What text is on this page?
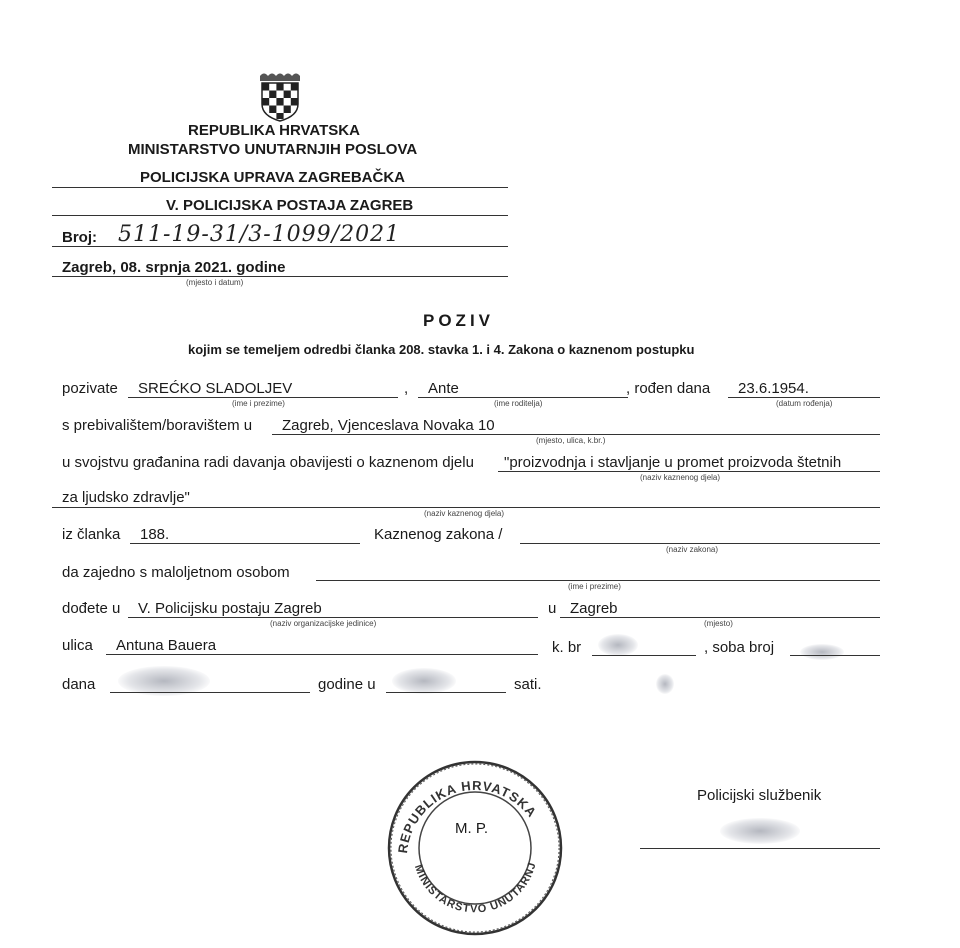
REPUBLIKA HRVATSKA
MINISTARSTVO UNUTARNJIH POSLOVA
POLICIJSKA UPRAVA ZAGREBAČKA
V. POLICIJSKA POSTAJA ZAGREB
Broj: 511-19-31/3-1099/2021
Zagreb, 08. srpnja 2021. godine
(mjesto i datum)
POZIV
kojim se temeljem odredbi članka 208. stavka 1. i 4. Zakona o kaznenom postupku
pozivate SREĆKO SLADOLJEV
(ime i prezime)
, Ante
(ime roditelja)
, rođen dana 23.6.1954.
(datum rođenja)
s prebivalištem/boravištem u Zagreb, Vjenceslava Novaka 10
(mjesto, ulica, k.br.)
u svojstvu građanina radi davanja obavijesti o kaznenom djelu "proizvodnja i stavljanje u promet proizvoda štetnih
(naziv kaznenog djela)
za ljudsko zdravlje"
(naziv kaznenog djela)
iz članka 188.	Kaznenog zakona /
(naziv zakona)
da zajedno s maloljetnom osobom
(ime i prezime)
dođete u V. Policijsku postaju Zagreb
(naziv organizacijske jedinice)
u Zagreb
(mjesto)
ulica Antuna Bauera	k. br	, soba broj
dana	godine u	sati.
REPUBLIKA HRVATSKA
MINISTARSTVO UNUTARNJ
M. P.
Policijski službenik
